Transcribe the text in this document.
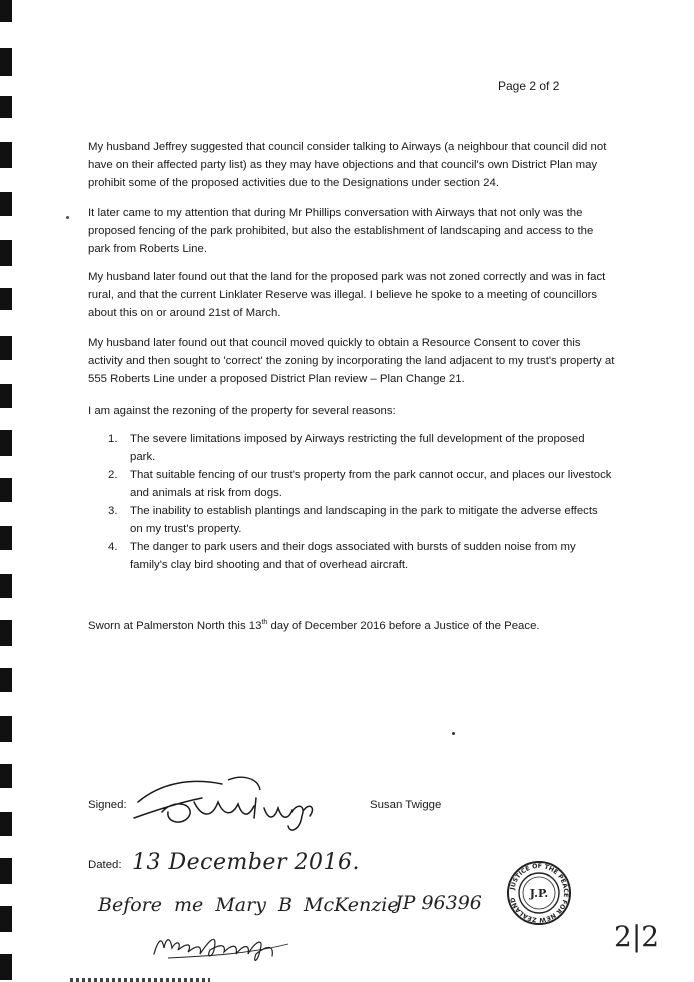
Page 2 of 2

My husband Jeffrey suggested that council consider talking to Airways (a neighbour that council did not have on their affected party list) as they may have objections and that council's own District Plan may prohibit some of the proposed activities due to the Designations under section 24.

It later came to my attention that during Mr Phillips conversation with Airways that not only was the proposed fencing of the park prohibited, but also the establishment of landscaping and access to the park from Roberts Line.

My husband later found out that the land for the proposed park was not zoned correctly and was in fact rural, and that the current Linklater Reserve was illegal. I believe he spoke to a meeting of councillors about this on or around 21st of March.

My husband later found out that council moved quickly to obtain a Resource Consent to cover this activity and then sought to 'correct' the zoning by incorporating the land adjacent to my trust's property at 555 Roberts Line under a proposed District Plan review – Plan Change 21.

I am against the rezoning of the property for several reasons:

1. The severe limitations imposed by Airways restricting the full development of the proposed park.
2. That suitable fencing of our trust's property from the park cannot occur, and places our livestock and animals at risk from dogs.
3. The inability to establish plantings and landscaping in the park to mitigate the adverse effects on my trust's property.
4. The danger to park users and their dogs associated with bursts of sudden noise from my family's clay bird shooting and that of overhead aircraft.
Sworn at Palmerston North this 13th day of December 2016 before a Justice of the Peace.
Signed:	Susan Twigge
Dated: 13 December 2016.
Before me Mary B McKenzie
JP 96396
JUSTICE OF THE PEACE FOR NEW ZEALAND
J.P.
2|2
